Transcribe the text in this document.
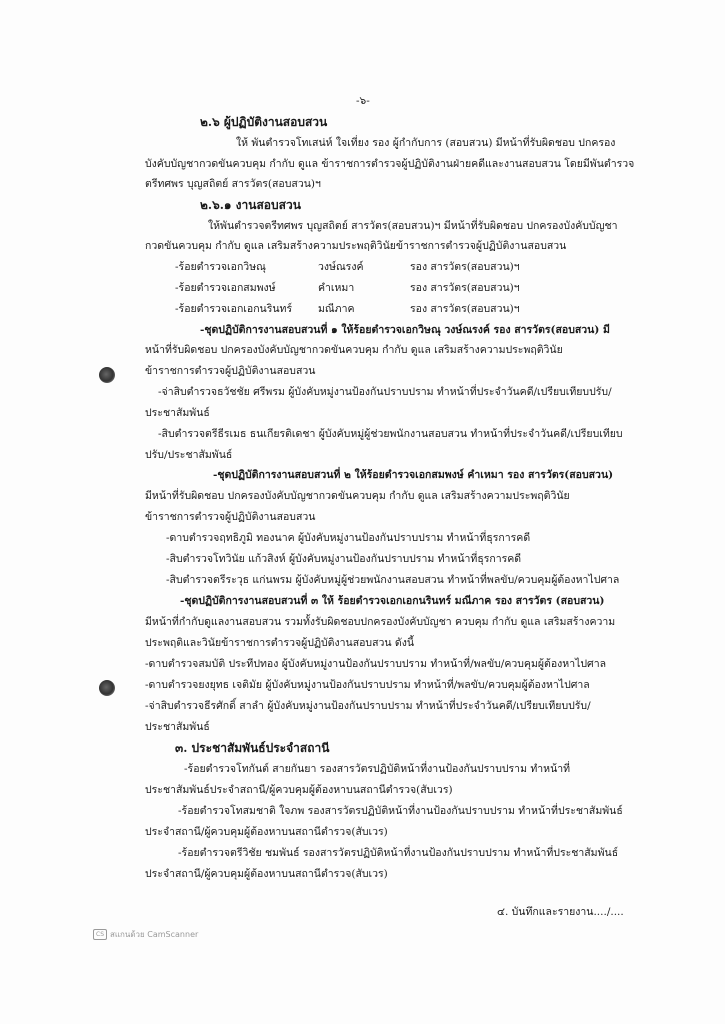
-๖-
๒.๖ ผู้ปฏิบัติงานสอบสวน
ให้ พันตำรวจโทเสน่ห์ ใจเที่ยง รอง ผู้กำกับการ (สอบสวน) มีหน้าที่รับผิดชอบ ปกครอง
บังคับบัญชากวดขันควบคุม กำกับ ดูแล ข้าราชการตำรวจผู้ปฏิบัติงานฝ่ายคดีและงานสอบสวน โดยมีพันตำรวจ
ตรีทศพร บุญสถิตย์ สารวัตร(สอบสวน)ฯ
๒.๖.๑ งานสอบสวน
ให้พันตำรวจตรีทศพร บุญสถิตย์ สารวัตร(สอบสวน)ฯ มีหน้าที่รับผิดชอบ ปกครองบังคับบัญชา
กวดขันควบคุม กำกับ ดูแล เสริมสร้างความประพฤติวินัยข้าราชการตำรวจผู้ปฏิบัติงานสอบสวน
-ร้อยตำรวจเอกวิษณุ	วงษ์ณรงค์	รอง สารวัตร(สอบสวน)ฯ
-ร้อยตำรวจเอกสมพงษ์	คำเหมา	รอง สารวัตร(สอบสวน)ฯ
-ร้อยตำรวจเอกเอกนรินทร์ มณีภาค	รอง สารวัตร(สอบสวน)ฯ
-ชุดปฏิบัติการงานสอบสวนที่ ๑ ให้ร้อยตำรวจเอกวิษณุ วงษ์ณรงค์ รอง สารวัตร(สอบสวน) มี
หน้าที่รับผิดชอบ ปกครองบังคับบัญชากวดขันควบคุม กำกับ ดูแล เสริมสร้างความประพฤติวินัย
ข้าราชการตำรวจผู้ปฏิบัติงานสอบสวน
-จ่าสิบตำรวจธวัชชัย ศรีพรม ผู้บังคับหมู่งานป้องกันปราบปราม ทำหน้าที่ประจำวันคดี/เปรียบเทียบปรับ/
ประชาสัมพันธ์
-สิบตำรวจตรีธีรเมธ ธนเกียรติเดชา ผู้บังคับหมู่ผู้ช่วยพนักงานสอบสวน ทำหน้าที่ประจำวันคดี/เปรียบเทียบ
ปรับ/ประชาสัมพันธ์
-ชุดปฏิบัติการงานสอบสวนที่ ๒ ให้ร้อยตำรวจเอกสมพงษ์ คำเหมา รอง สารวัตร(สอบสวน)
มีหน้าที่รับผิดชอบ ปกครองบังคับบัญชากวดขันควบคุม กำกับ ดูแล เสริมสร้างความประพฤติวินัย
ข้าราชการตำรวจผู้ปฏิบัติงานสอบสวน
-ดาบตำรวจฤทธิภูมิ ทองนาค ผู้บังคับหมู่งานป้องกันปราบปราม ทำหน้าที่ธุรการคดี
-สิบตำรวจโทวินัย แก้วสิงห์ ผู้บังคับหมู่งานป้องกันปราบปราม ทำหน้าที่ธุรการคดี
-สิบตำรวจตรีระวุธ แก่นพรม ผู้บังคับหมู่ผู้ช่วยพนักงานสอบสวน ทำหน้าที่พลขับ/ควบคุมผู้ต้องหาไปศาล
-ชุดปฏิบัติการงานสอบสวนที่ ๓ ให้ ร้อยตำรวจเอกเอกนรินทร์ มณีภาค รอง สารวัตร (สอบสวน)
มีหน้าที่กำกับดูแลงานสอบสวน รวมทั้งรับผิดชอบปกครองบังคับบัญชา ควบคุม กำกับ ดูแล เสริมสร้างความ
ประพฤติและวินัยข้าราชการตำรวจผู้ปฏิบัติงานสอบสวน ดังนี้
-ดาบตำรวจสมบัติ ประทีปทอง ผู้บังคับหมู่งานป้องกันปราบปราม ทำหน้าที่/พลขับ/ควบคุมผู้ต้องหาไปศาล
-ดาบตำรวจยงยุทธ เจติมัย ผู้บังคับหมู่งานป้องกันปราบปราม ทำหน้าที่/พลขับ/ควบคุมผู้ต้องหาไปศาล
-จ่าสิบตำรวจธีรศักดิ์ สาลำ ผู้บังคับหมู่งานป้องกันปราบปราม ทำหน้าที่ประจำวันคดี/เปรียบเทียบปรับ/
ประชาสัมพันธ์
๓. ประชาสัมพันธ์ประจำสถานี
-ร้อยตำรวจโทกันต์ สายกันยา รองสารวัตรปฏิบัติหน้าที่งานป้องกันปราบปราม ทำหน้าที่
ประชาสัมพันธ์ประจำสถานี/ผู้ควบคุมผู้ต้องหาบนสถานีตำรวจ(สับเวร)
-ร้อยตำรวจโทสมชาติ ใจภพ รองสารวัตรปฏิบัติหน้าที่งานป้องกันปราบปราม ทำหน้าที่ประชาสัมพันธ์
ประจำสถานี/ผู้ควบคุมผู้ต้องหาบนสถานีตำรวจ(สับเวร)
-ร้อยตำรวจตรีวิชัย ชมพันธ์ รองสารวัตรปฏิบัติหน้าที่งานป้องกันปราบปราม ทำหน้าที่ประชาสัมพันธ์
ประจำสถานี/ผู้ควบคุมผู้ต้องหาบนสถานีตำรวจ(สับเวร)
๔. บันทึกและรายงาน..../....
CS สแกนด้วย CamScanner
